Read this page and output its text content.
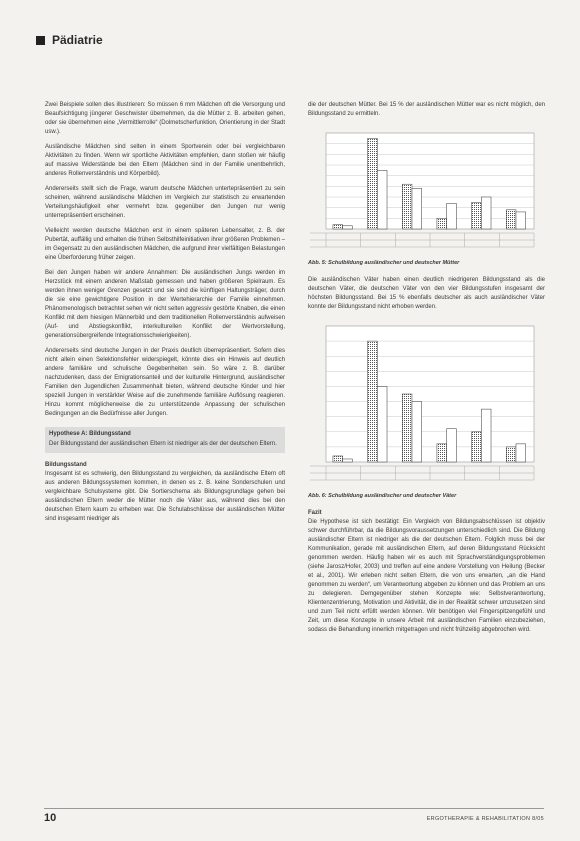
Pädiatrie

Zwei Beispiele sollen dies illustrieren: So müssen 6 mm Mädchen oft die Versorgung und Beaufsichtigung jüngerer Geschwister übernehmen, da die Mütter z. B. arbeiten gehen, oder sie übernehmen eine „Vermittlerrolle“ (Dolmetscherfunktion, Orientierung in der Stadt usw.).

Ausländische Mädchen sind selten in einem Sportverein oder bei vergleichbaren Aktivitäten zu finden. Wenn wir sportliche Aktivitäten empfehlen, dann stoßen wir häufig auf massive Widerstände bei den Eltern (Mädchen sind in der Familie unentbehrlich, anderes Rollenverständnis und Körperbild).

Andererseits stellt sich die Frage, warum deutsche Mädchen untertepräsentiert zu sein scheinen, während ausländische Mädchen im Vergleich zur statistisch zu erwartenden Verteilungshäufigkeit eher vermehrt bzw. gegenüber den Jungen nur wenig unterrepräsentiert erscheinen.

Vielleicht werden deutsche Mädchen erst in einem späteren Lebensalter, z. B. der Pubertät, auffällig und erhalten die frühen Selbsthilfeinitiativen ihrer größeren Problemen – im Gegensatz zu den ausländischen Mädchen, die aufgrund ihrer vielfältigen Belastungen eine Überforderung früher zeigen.

Bei den Jungen haben wir andere Annahmen: Die ausländischen Jungs werden im Herzstück mit einem anderen Maßstab gemessen und haben größeren Spielraum. Es werden ihnen weniger Grenzen gesetzt und sie sind die künftigen Haltungsträger, durch die sie eine gewichtigere Position in der Wertehierarchie der Familie einnehmen. Phänomenologisch betrachtet sehen wir nicht selten aggressiv gestörte Knaben, die einen Konflikt mit dem hiesigen Männerbild und dem traditionellen Rollenverständnis aufweisen (Auf- und Abstiegskonflikt, interkulturellen Konflikt der Wertvorstellung, generationsübergreifende Integrationsschwierigkeiten).

Andererseits sind deutsche Jungen in der Praxis deutlich überrepräsentiert. Sofern dies nicht allein einen Selektionsfehler widerspiegelt, könnte dies ein Hinweis auf deutlich andere familiäre und schulische Gegebenheiten sein. So wäre z. B. darüber nachzudenken, dass der Emigrationsanteil und der kulturelle Hintergrund, ausländischer Familien den Jugendlichen Zusammenhalt bieten, während deutsche Kinder und hier speziell Jungen in verstärkter Weise auf die zunehmende familiäre Auflösung reagieren. Hinzu kommt möglicherweise die zu unterstützende Anpassung der schulischen Bedingungen an die Bedürfnisse aller Jungen.

Hypothese A: Bildungsstand
Der Bildungsstand der ausländischen Eltern ist niedriger als der der deutschen Eltern.
Bildungsstand

Insgesamt ist es schwierig, den Bildungsstand zu vergleichen, da ausländische Eltern oft aus anderen Bildungssystemen kommen, in denen es z. B. keine Sonderschulen und vergleichbare Schulsysteme gibt. Die Sortierschema als Bildungsgrundlage gehen bei ausländischen Eltern weder die Mütter noch die Väter aus, während dies bei den deutschen Eltern kaum zu erheben war. Die Schulabschlüsse der ausländischen Mütter sind insgesamt niedriger als

die der deutschen Mütter. Bei 15 % der ausländischen Mütter war es nicht möglich, den Bildungsstand zu ermitteln.

Abb. 5: Schulbildung ausländischer und deutscher Mütter

Die ausländischen Väter haben einen deutlich niedrigeren Bildungsstand als die deutschen Väter, die deutschen Väter von den vier Bildungsstufen insgesamt der höchsten Bildungsstand. Bei 15 % ebenfalls deutscher als auch ausländischer Väter konnte der Bildungsstand nicht erhoben werden.

Abb. 6: Schulbildung ausländischer und deutscher Väter
Fazit

Die Hypothese ist sich bestätigt: Ein Vergleich von Bildungsabschlüssen ist objektiv schwer durchführbar, da die Bildungsvoraussetzungen unterschiedlich sind. Die Bildung ausländischer Eltern ist niedriger als die der deutschen Eltern. Folglich muss bei der Kommunikation, gerade mit ausländischen Eltern, auf deren Bildungsstand Rücksicht genommen werden. Häufig haben wir es auch mit Sprachverständigungsproblemen (siehe Jarosz/Hofer, 2003) und treffen auf eine andere Vorstellung von Heilung (Becker et al., 2001). Wir erleben nicht selten Eltern, die von uns erwarten, „an die Hand genommen zu werden“, um Verantwortung abgeben zu können und das Problem an uns zu delegieren. Demgegenüber stehen Konzepte wie: Selbstverantwortung, Klientenzentrierung, Motivation und Aktivität, die in der Realität schwer umzusetzen sind und zum Teil nicht erfüllt werden können. Wir benötigen viel Fingerspitzengefühl und Zeit, um diese Konzepte in unsere Arbeit mit ausländischen Familien einzubeziehen, sodass die Behandlung innerlich mitgetragen und nicht frühzeitig abgebrochen wird.

10	ERGOTHERAPIE & REHABILITATION 8/05
